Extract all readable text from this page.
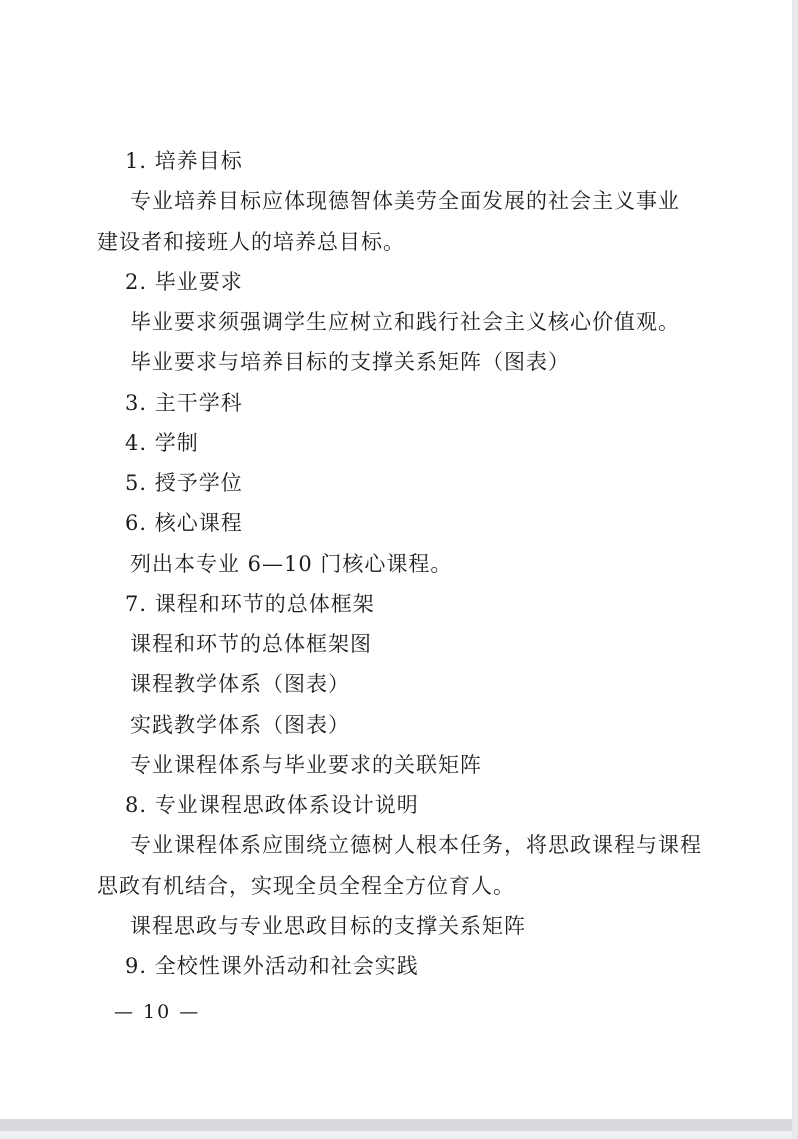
1. 培养目标
专业培养目标应体现德智体美劳全面发展的社会主义事业
建设者和接班人的培养总目标。
2. 毕业要求
毕业要求须强调学生应树立和践行社会主义核心价值观。
毕业要求与培养目标的支撑关系矩阵（图表）
3. 主干学科
4. 学制
5. 授予学位
6. 核心课程
列出本专业 6—10 门核心课程。
7. 课程和环节的总体框架
课程和环节的总体框架图
课程教学体系（图表）
实践教学体系（图表）
专业课程体系与毕业要求的关联矩阵
8. 专业课程思政体系设计说明
专业课程体系应围绕立德树人根本任务，将思政课程与课程
思政有机结合，实现全员全程全方位育人。
课程思政与专业思政目标的支撑关系矩阵
9. 全校性课外活动和社会实践
— 10 —
